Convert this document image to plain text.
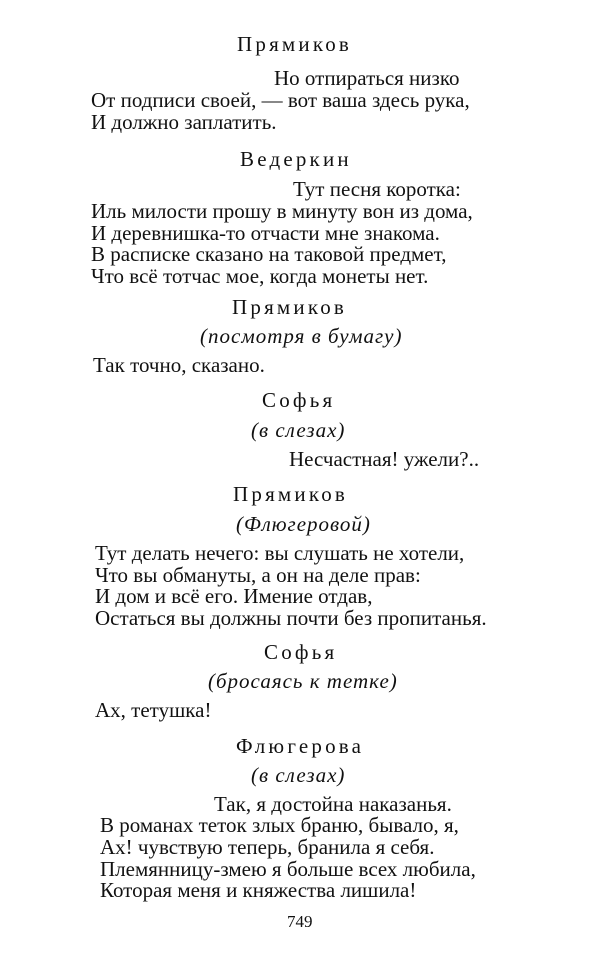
Прямиков
Но отпираться низко
От подписи своей, — вот ваша здесь рука,
И должно заплатить.
Ведеркин
Тут песня коротка:
Иль милости прошу в минуту вон из дома,
И деревнишка-то отчасти мне знакома.
В расписке сказано на таковой предмет,
Что всё тотчас мое, когда монеты нет.
Прямиков
(посмотря в бумагу)
Так точно, сказано.
Софья
(в слезах)
Несчастная! ужели?..
Прямиков
(Флюгеровой)
Тут делать нечего: вы слушать не хотели,
Что вы обмануты, а он на деле прав:
И дом и всё его. Имение отдав,
Остаться вы должны почти без пропитанья.
Софья
(бросаясь к тетке)
Ах, тетушка!
Флюгерова
(в слезах)
Так, я достойна наказанья.
В романах теток злых браню, бывало, я,
Ах! чувствую теперь, бранила я себя.
Племянницу-змею я больше всех любила,
Которая меня и княжества лишила!
749
